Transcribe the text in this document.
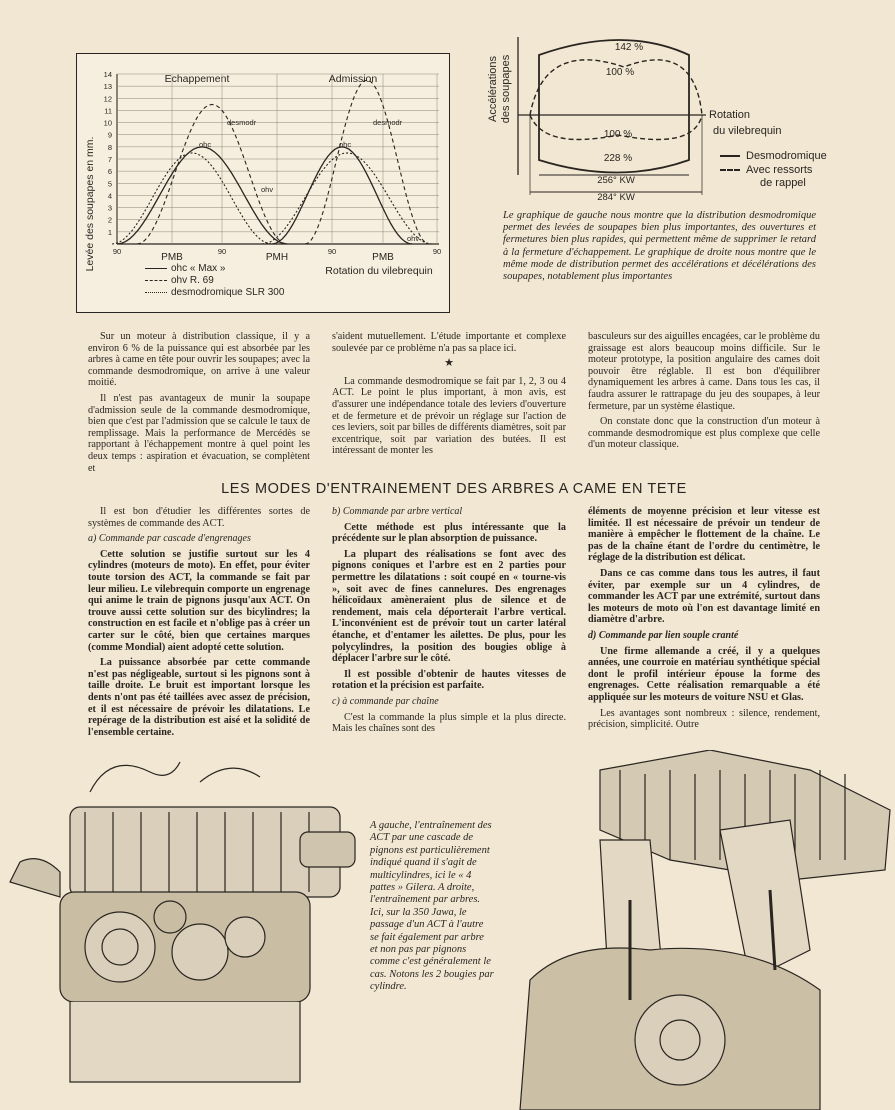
Levée des soupapes en mm.
Echappement	Admission
Rotation du vilebrequin
1
2
3
4
5
6
7
8
9
10
11
12
13
14
90
PMB
90
PMH
90
PMB
90
desmodr	desmodr
ohc	ohc
ohv
ohv
ohc « Max »
ohv R. 69
desmodromique SLR 300
Accélérations des soupapes	Rotation
du vilebrequin
142 %
100 %
100 %
228 %
256° KW
284° KW
Desmodromique
Avec ressorts
de rappel
Le graphique de gauche nous montre que la distribution desmodromique permet des levées de soupapes bien plus importantes, des ouvertures et fermetures bien plus rapides, qui permettent même de supprimer le retard à la fermeture d'échappement. Le graphique de droite nous montre que le même mode de distribution permet des accélérations et décélérations des soupapes, notablement plus importantes

Sur un moteur à distribution classique, il y a environ 6 % de la puissance qui est absorbée par les arbres à came en tête pour ouvrir les soupapes; avec la commande desmodromique, on arrive à une valeur moitié.

Il n'est pas avantageux de munir la soupape d'admission seule de la commande desmodromique, bien que c'est par l'admission que se calcule le taux de remplissage. Mais la performance de Mercédès se rapportant à l'échappement montre à quel point les deux temps : aspiration et évacuation, se complètent et

s'aident mutuellement. L'étude importante et complexe soulevée par ce problème n'a pas sa place ici.

★

La commande desmodromique se fait par 1, 2, 3 ou 4 ACT. Le point le plus important, à mon avis, est d'assurer une indépendance totale des leviers d'ouverture et de fermeture et de prévoir un réglage sur l'action de ces leviers, soit par billes de différents diamètres, soit par excentrique, soit par variation des butées. Il est intéressant de monter les

basculeurs sur des aiguilles encagées, car le problème du graissage est alors beaucoup moins difficile. Sur le moteur prototype, la position angulaire des cames doit pouvoir être réglable. Il est bon d'équilibrer dynamiquement les arbres à came. Dans tous les cas, il faudra assurer le rattrapage du jeu des soupapes, à leur fermeture, par un système élastique.

On constate donc que la construction d'un moteur à commande desmodromique est plus complexe que celle d'un moteur classique.

LES MODES D'ENTRAINEMENT DES ARBRES A CAME EN TETE

Il est bon d'étudier les différentes sortes de systèmes de commande des ACT.

a) Commande par cascade d'engrenages

Cette solution se justifie surtout sur les 4 cylindres (moteurs de moto). En effet, pour éviter toute torsion des ACT, la commande se fait par leur milieu. Le vilebrequin comporte un engrenage qui anime le train de pignons jusqu'aux ACT. On trouve aussi cette solution sur des bicylindres; la construction en est facile et n'oblige pas à créer un carter sur le côté, bien que certaines marques (comme Mondial) aient adopté cette solution.

La puissance absorbée par cette commande n'est pas négligeable, surtout si les pignons sont à taille droite. Le bruit est important lorsque les dents n'ont pas été taillées avec assez de précision, et il est nécessaire de prévoir les dilatations. Le repérage de la distribution est aisé et la solidité de l'ensemble certaine.

b) Commande par arbre vertical

Cette méthode est plus intéressante que la précédente sur le plan absorption de puissance.

La plupart des réalisations se font avec des pignons coniques et l'arbre est en 2 parties pour permettre les dilatations : soit coupé en « tourne-vis », soit avec de fines cannelures. Des engrenages hélicoïdaux amèneraient plus de silence et de rendement, mais cela déporterait l'arbre vertical. L'inconvénient est de prévoir tout un carter latéral étanche, et d'entamer les ailettes. De plus, pour les polycylindres, la position des bougies oblige à déplacer l'arbre sur le côté.

Il est possible d'obtenir de hautes vitesses de rotation et la précision est parfaite.

c) à commande par chaîne

C'est la commande la plus simple et la plus directe. Mais les chaînes sont des

éléments de moyenne précision et leur vitesse est limitée. Il est nécessaire de prévoir un tendeur de manière à empêcher le flottement de la chaîne. Le pas de la chaîne étant de l'ordre du centimètre, le réglage de la distribution est délicat.

Dans ce cas comme dans tous les autres, il faut éviter, par exemple sur un 4 cylindres, de commander les ACT par une extrémité, surtout dans les moteurs de moto où l'on est davantage limité en diamètre d'arbre.

d) Commande par lien souple cranté

Une firme allemande a créé, il y a quelques années, une courroie en matériau synthétique spécial dont le profil intérieur épouse la forme des engrenages. Cette réalisation remarquable a été appliquée sur les moteurs de voiture NSU et Glas.

Les avantages sont nombreux : silence, rendement, précision, simplicité. Outre

A gauche, l'entraînement des ACT par une cascade de pignons est particulièrement indiqué quand il s'agit de multicylindres, ici le « 4 pattes » Gilera. A droite, l'entraînement par arbres. Ici, sur la 350 Jawa, le passage d'un ACT à l'autre se fait également par arbre et non pas par pignons comme c'est généralement le cas. Notons les 2 bougies par cylindre.
